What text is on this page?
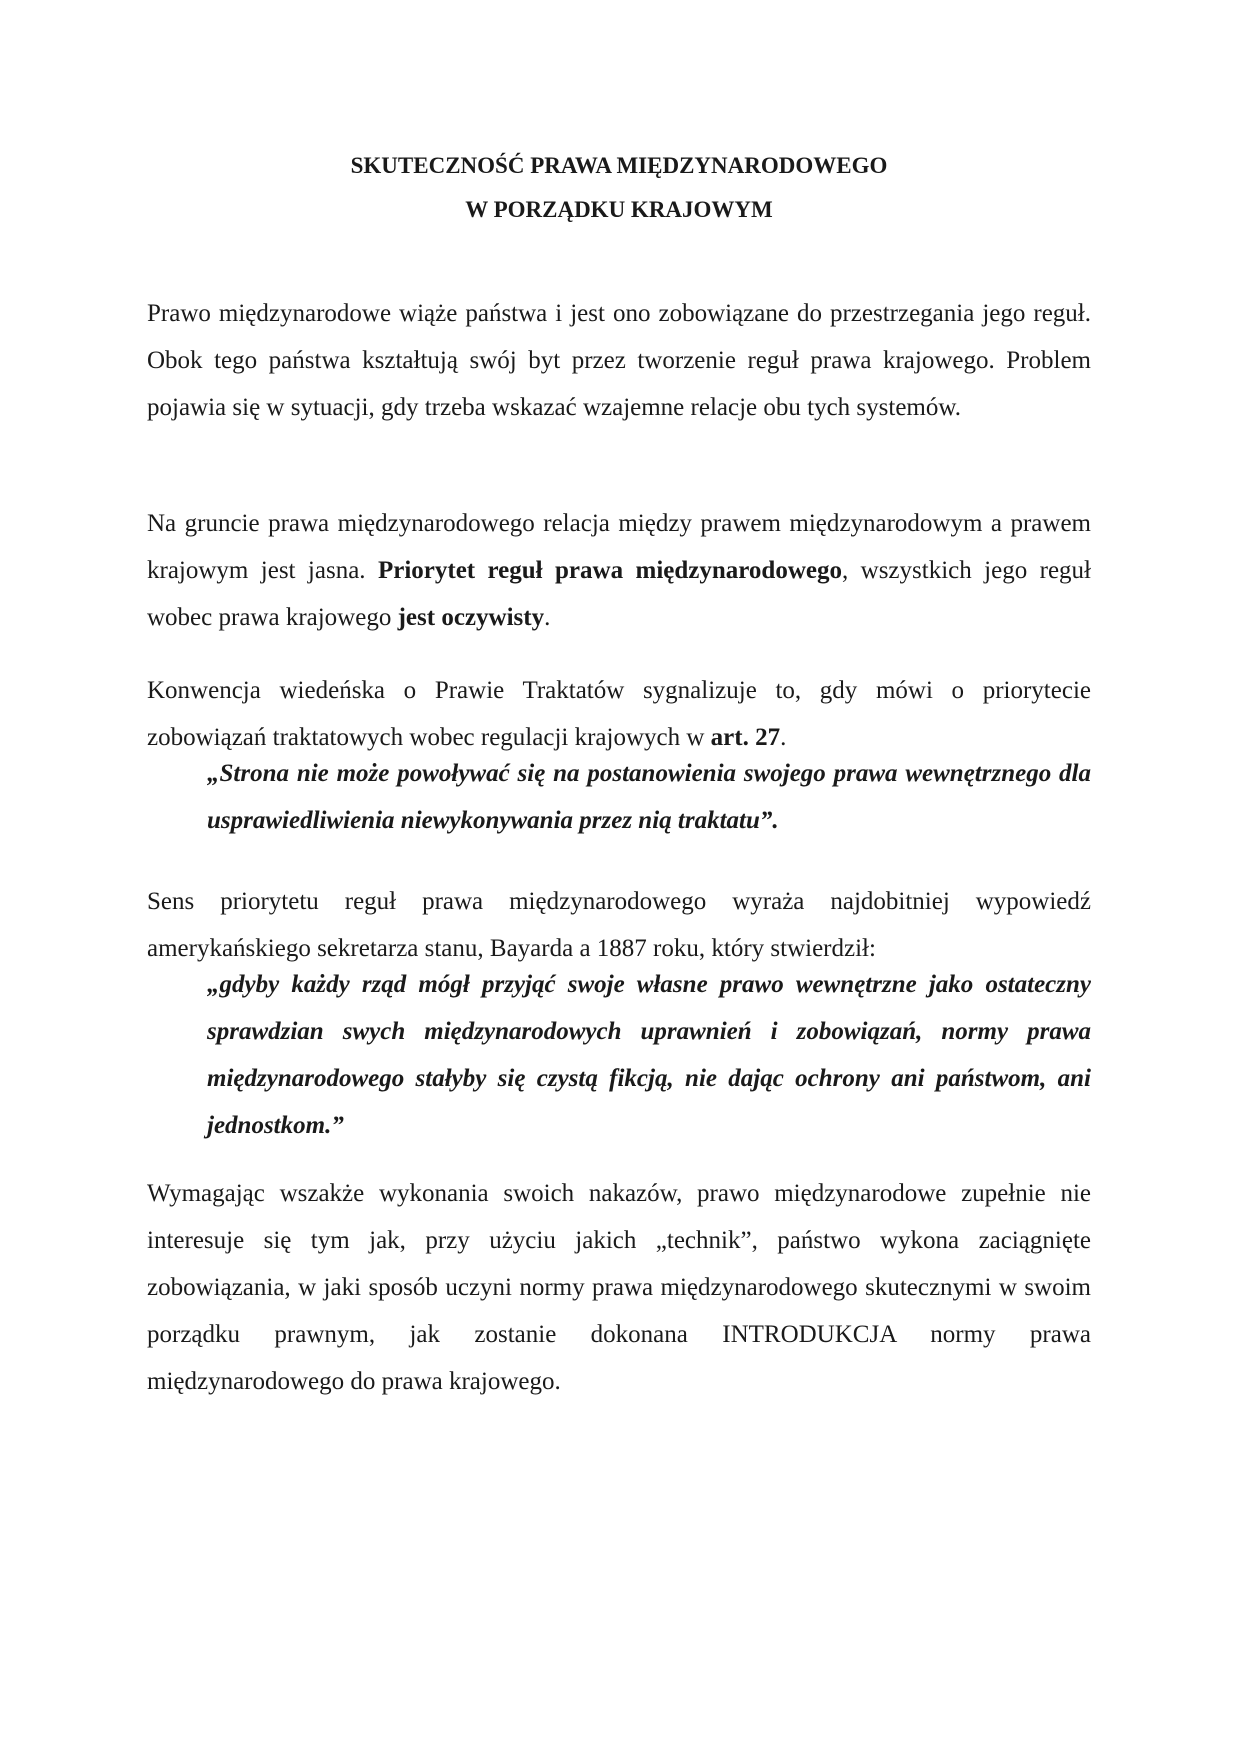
SKUTECZNOŚĆ PRAWA MIĘDZYNARODOWEGO
W PORZĄDKU KRAJOWYM

Prawo międzynarodowe wiąże państwa i jest ono zobowiązane do przestrzegania jego reguł. Obok tego państwa kształtują swój byt przez tworzenie reguł prawa krajowego. Problem pojawia się w sytuacji, gdy trzeba wskazać wzajemne relacje obu tych systemów.

Na gruncie prawa międzynarodowego relacja między prawem międzynarodowym a prawem krajowym jest jasna. Priorytet reguł prawa międzynarodowego, wszystkich jego reguł wobec prawa krajowego jest oczywisty.

Konwencja wiedeńska o Prawie Traktatów sygnalizuje to, gdy mówi o priorytecie zobowiązań traktatowych wobec regulacji krajowych w art. 27.

„Strona nie może powoływać się na postanowienia swojego prawa wewnętrznego dla usprawiedliwienia niewykonywania przez nią traktatu”.

Sens priorytetu reguł prawa międzynarodowego wyraża najdobitniej wypowiedź amerykańskiego sekretarza stanu, Bayarda a 1887 roku, który stwierdził:

„gdyby każdy rząd mógł przyjąć swoje własne prawo wewnętrzne jako ostateczny sprawdzian swych międzynarodowych uprawnień i zobowiązań, normy prawa międzynarodowego stałyby się czystą fikcją, nie dając ochrony ani państwom, ani jednostkom.”

Wymagając wszakże wykonania swoich nakazów, prawo międzynarodowe zupełnie nie interesuje się tym jak, przy użyciu jakich „technik”, państwo wykona zaciągnięte zobowiązania, w jaki sposób uczyni normy prawa międzynarodowego skutecznymi w swoim porządku prawnym, jak zostanie dokonana INTRODUKCJA normy prawa międzynarodowego do prawa krajowego.
